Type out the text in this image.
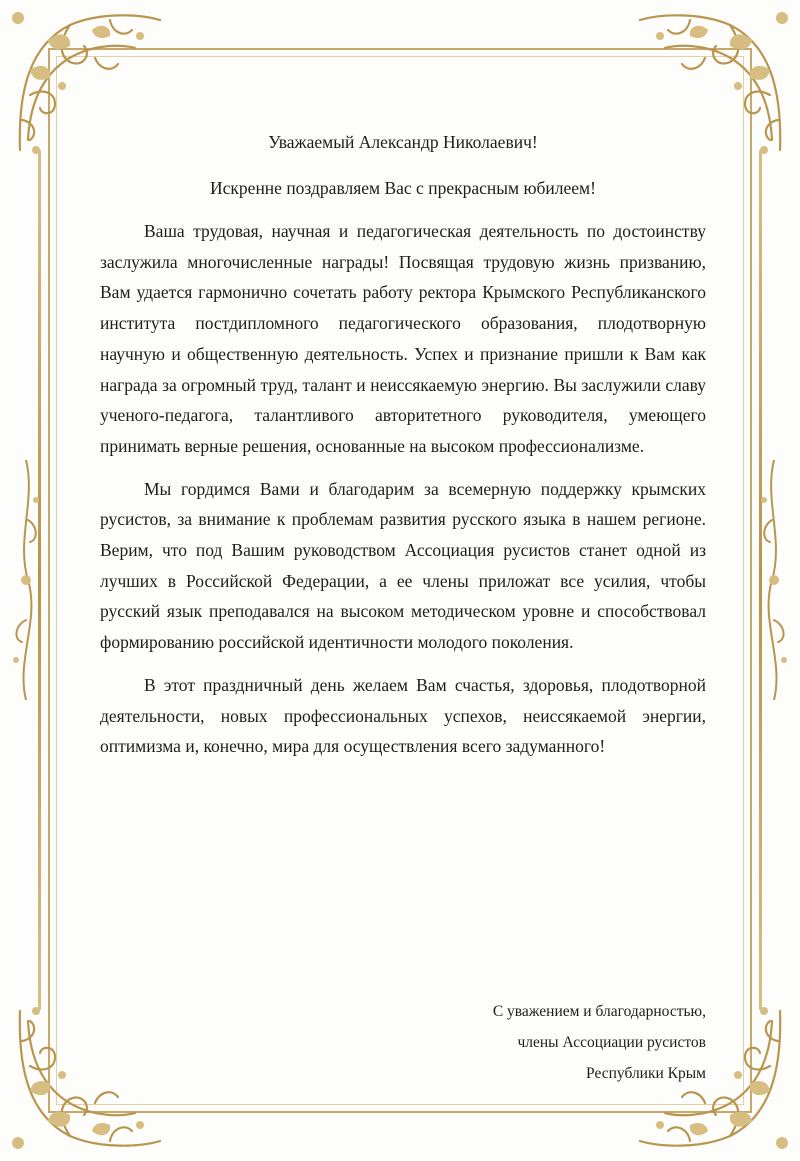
Уважаемый Александр Николаевич!

Искренне поздравляем Вас с прекрасным юбилеем!

Ваша трудовая, научная и педагогическая деятельность по достоинству заслужила многочисленные награды! Посвящая трудовую жизнь призванию, Вам удается гармонично сочетать работу ректора Крымского Республиканского института постдипломного педагогического образования, плодотворную научную и общественную деятельность. Успех и признание пришли к Вам как награда за огромный труд, талант и неиссякаемую энергию. Вы заслужили славу ученого-педагога, талантливого авторитетного руководителя, умеющего принимать верные решения, основанные на высоком профессионализме.

Мы гордимся Вами и благодарим за всемерную поддержку крымских русистов, за внимание к проблемам развития русского языка в нашем регионе. Верим, что под Вашим руководством Ассоциация русистов станет одной из лучших в Российской Федерации, а ее члены приложат все усилия, чтобы русский язык преподавался на высоком методическом уровне и способствовал формированию российской идентичности молодого поколения.

В этот праздничный день желаем Вам счастья, здоровья, плодотворной деятельности, новых профессиональных успехов, неиссякаемой энергии, оптимизма и, конечно, мира для осуществления всего задуманного!

С уважением и благодарностью,
члены Ассоциации русистов
Республики Крым
